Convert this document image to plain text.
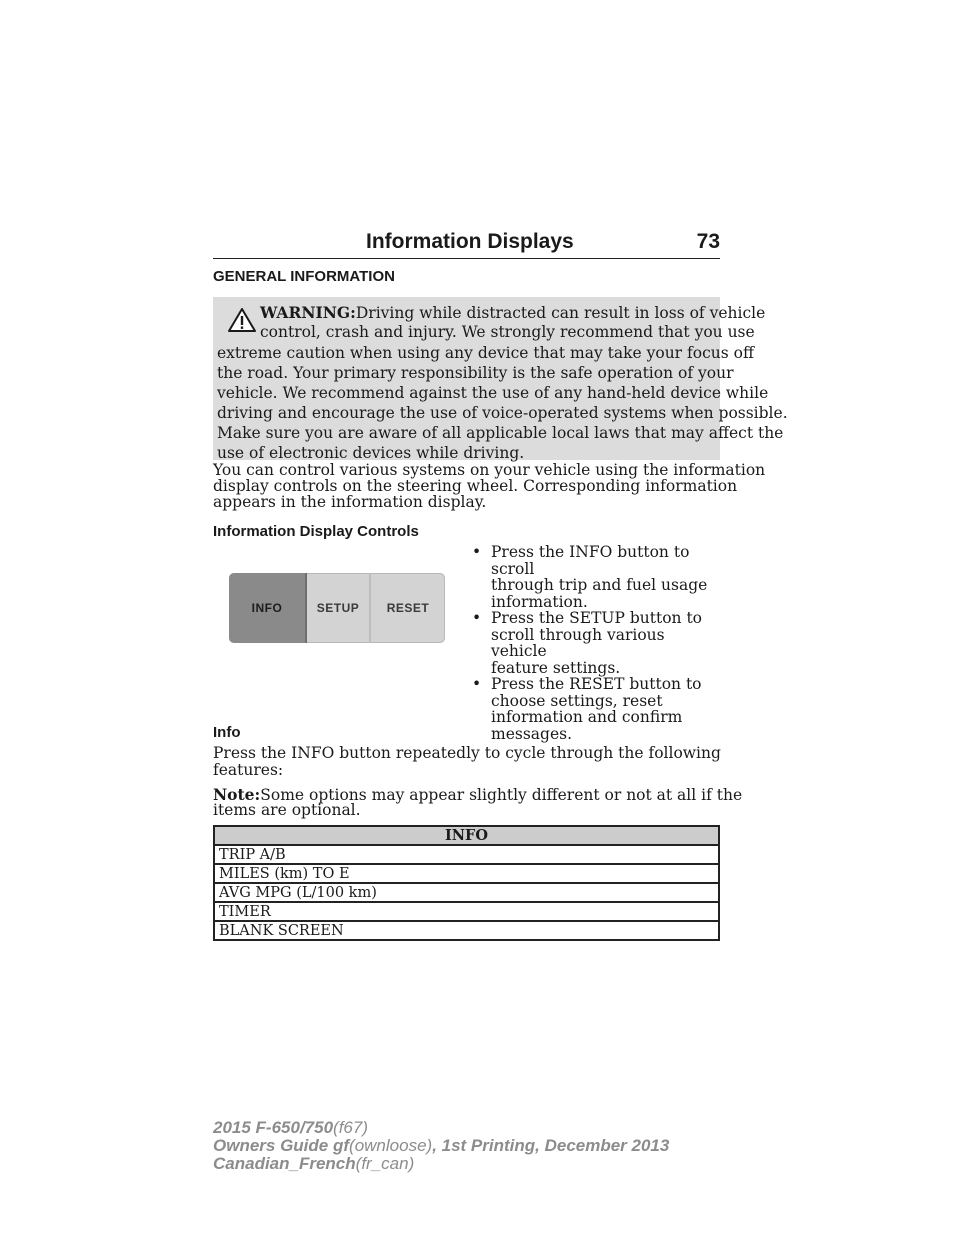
Information Displays	73
GENERAL INFORMATION
WARNING:Driving while distracted can result in loss of vehicle
control, crash and injury. We strongly recommend that you use
extreme caution when using any device that may take your focus off
the road. Your primary responsibility is the safe operation of your
vehicle. We recommend against the use of any hand-held device while
driving and encourage the use of voice-operated systems when possible.
Make sure you are aware of all applicable local laws that may affect the
use of electronic devices while driving.
You can control various systems on your vehicle using the information
display controls on the steering wheel. Corresponding information
appears in the information display.
Information Display Controls
INFO	SETUP	RESET
• Press the INFO button to scroll
through trip and fuel usage
information.
• Press the SETUP button to
scroll through various vehicle
feature settings.
• Press the RESET button to
choose settings, reset
information and confirm
messages.
Info
Press the INFO button repeatedly to cycle through the following
features:
Note:Some options may appear slightly different or not at all if the
items are optional.
INFO
TRIP A/B
MILES (km) TO E
AVG MPG (L/100 km)
TIMER
BLANK SCREEN
2015 F-650/750(f67)
Owners Guide gf(ownloose), 1st Printing, December 2013
Canadian_French(fr_can)
